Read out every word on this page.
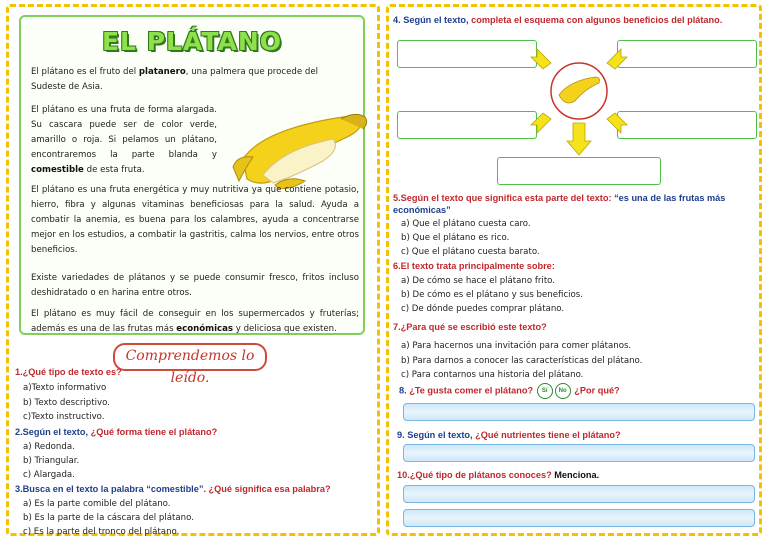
EL PLÁTANO
El plátano es el fruto del platanero, una palmera que procede del Sudeste de Asia.
El plátano es una fruta de forma alargada. Su cascara puede ser de color verde, amarillo o roja. Si pelamos un plátano, encontraremos la parte blanda y comestible de esta fruta.
El plátano es una fruta energética y muy nutritiva ya que contiene potasio, hierro, fibra y algunas vitaminas beneficiosas para la salud. Ayuda a combatir la anemia, es buena para los calambres, ayuda a concentrarse mejor en los estudios, a combatir la gastritis, calma los nervios, entre otros beneficios.
Existe variedades de plátanos y se puede consumir fresco, fritos incluso deshidratado o en harina entre otros.
El plátano es muy fácil de conseguir en los supermercados y fruterías; además es una de las frutas más económicas y deliciosa que existen.
Comprendemos lo leído.
1.¿Qué tipo de texto es?
a)Texto informativo
b) Texto descriptivo.
c)Texto instructivo.
2.Según el texto, ¿Qué forma tiene el plátano?
a) Redonda.
b) Triangular.
c) Alargada.
3.Busca en el texto la palabra “comestible”. ¿Qué significa esa palabra?
a) Es la parte comible del plátano.
b) Es la parte de la cáscara del plátano.
c) Es la parte del tronco del plátano.
4. Según el texto, completa el esquema con algunos beneficios del plátano.
5.Según el texto que significa esta parte del texto: “es una de las frutas más económicas”
a) Que el plátano cuesta caro.
b) Que el plátano es rico.
c) Que el plátano cuesta barato.
6.El texto trata principalmente sobre:
a) De cómo se hace el plátano frito.
b) De cómo es el plátano y sus beneficios.
c) De dónde puedes comprar plátano.
7.¿Para qué se escribió este texto?
a) Para hacernos una invitación para comer plátanos.
b) Para darnos a conocer las características del plátano.
c) Para contarnos una historia del plátano.
8. ¿Te gusta comer el plátano? Sí No ¿Por qué?
9. Según el texto, ¿Qué nutrientes tiene el plátano?
10.¿Qué tipo de plátanos conoces? Menciona.
